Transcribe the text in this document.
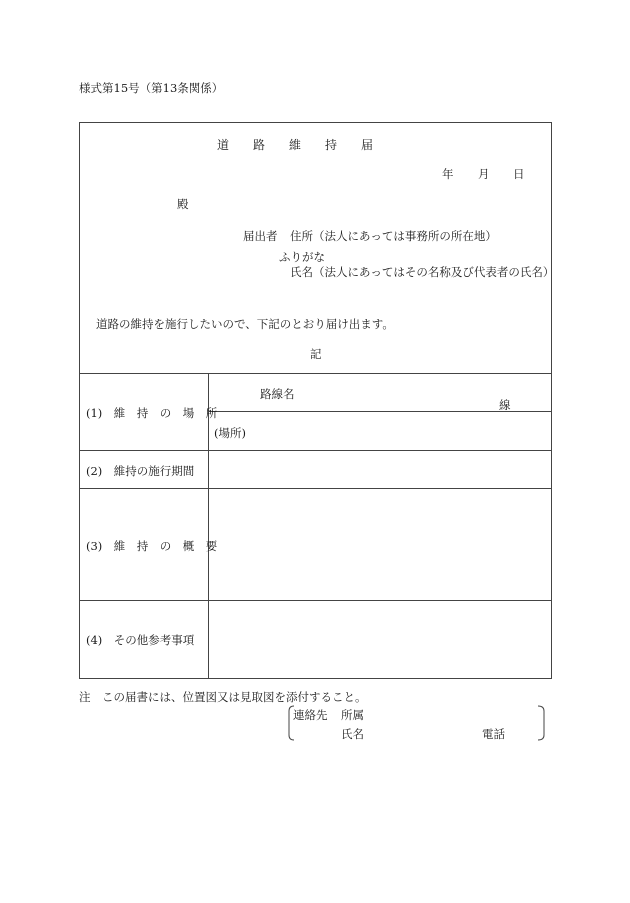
様式第15号（第13条関係）
道　　路　　維　　持　　届
年 月 日
殿
届出者 住所（法人にあっては事務所の所在地）
ふりがな
氏名（法人にあってはその名称及び代表者の氏名）
道路の維持を施行したいので、下記のとおり届け出ます。
記
(1)　維　持　の　場　所
路線名
線
(場所)
(2)　維持の施行期間
(3)　維　持　の　概　要
(4)　その他参考事項
注　この届書には、位置図又は見取図を添付すること。
連絡先 所属
氏名	電話
